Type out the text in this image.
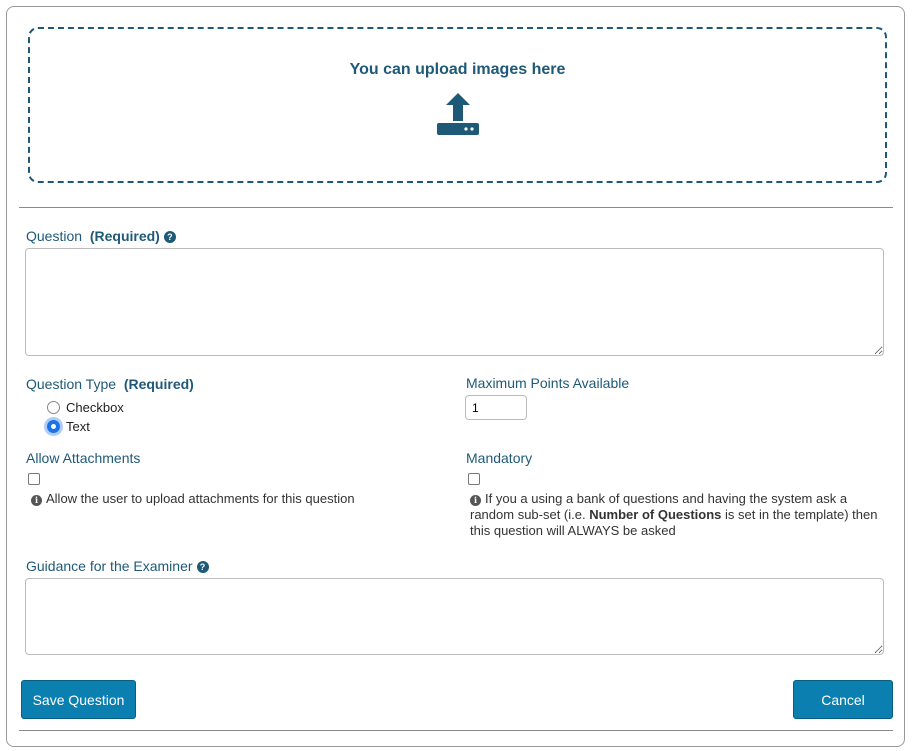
You can upload images here
Question (Required) ?
Question Type (Required)
Checkbox
Text
Maximum Points Available
1
Allow Attachments
i Allow the user to upload attachments for this question
Mandatory
i If you a using a bank of questions and having the system ask a random sub-set (i.e. Number of Questions is set in the template) then this question will ALWAYS be asked
Guidance for the Examiner ?
Save Question	Cancel
